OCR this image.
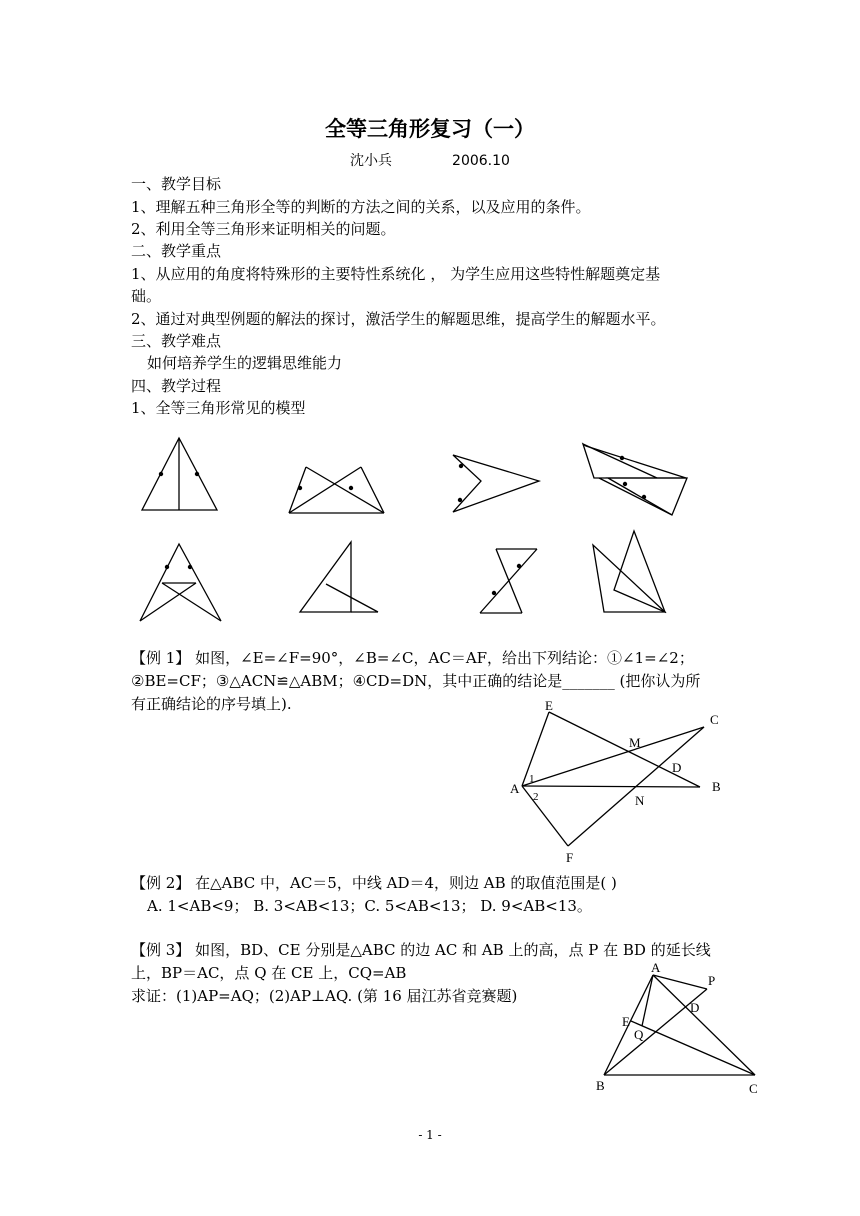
全等三角形复习（一）
沈小兵	2006.10
一、教学目标
1、理解五种三角形全等的判断的方法之间的关系，以及应用的条件。
2、利用全等三角形来证明相关的问题。
二、教学重点
1、从应用的角度将特殊形的主要特性系统化 ， 为学生应用这些特性解题奠定基
础。
2、通过对典型例题的解法的探讨，激活学生的解题思维，提高学生的解题水平。
三、教学难点
如何培养学生的逻辑思维能力
四、教学过程
1、全等三角形常见的模型
【例 1】 如图，∠E=∠F=90°，∠B=∠C，AC＝AF，给出下列结论：①∠1=∠2；
②BE=CF；③△ACN≌△ABM；④CD=DN，其中正确的结论是_______ (把你认为所
有正确结论的序号填上).
【例 2】 在△ABC 中，AC＝5，中线 AD＝4，则边 AB 的取值范围是( )
A. 1<AB<9； B. 3<AB<13；C. 5<AB<13； D. 9<AB<13。
【例 3】 如图，BD、CE 分别是△ABC 的边 AC 和 AB 上的高，点 P 在 BD 的延长线
上，BP＝AC，点 Q 在 CE 上，CQ=AB
求证：(1)AP=AQ；(2)AP⊥AQ. (第 16 届江苏省竞赛题)
E
C
M
D
A	B
N
F
1
2
A
P
D
E
Q
B	C
- 1 -
